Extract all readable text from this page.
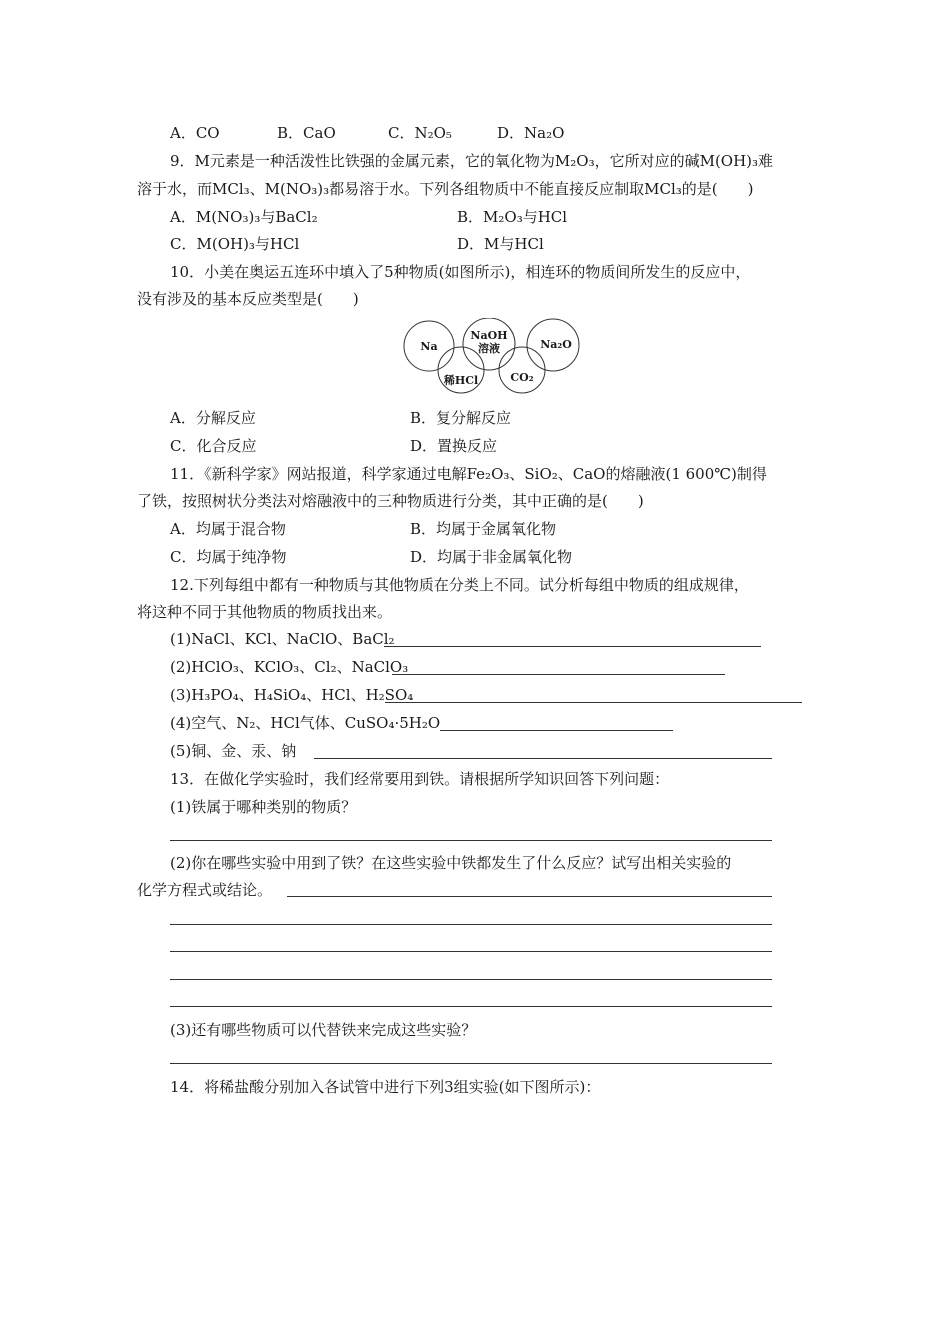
A．CO	B．CaO	C．N₂O₅	D．Na₂O
9．M元素是一种活泼性比铁强的金属元素，它的氧化物为M₂O₃，它所对应的碱M(OH)₃难
溶于水，而MCl₃、M(NO₃)₃都易溶于水。下列各组物质中不能直接反应制取MCl₃的是(　　)
A．M(NO₃)₃与BaCl₂	B．M₂O₃与HCl
C．M(OH)₃与HCl	D．M与HCl
10．小美在奥运五连环中填入了5种物质(如图所示)，相连环的物质间所发生的反应中，
没有涉及的基本反应类型是(　　)
Na
NaOH
溶液	Na₂O
稀HCl	CO₂
A．分解反应	B．复分解反应
C．化合反应	D．置换反应
11．《新科学家》网站报道，科学家通过电解Fe₂O₃、SiO₂、CaO的熔融液(1 600℃)制得
了铁，按照树状分类法对熔融液中的三种物质进行分类，其中正确的是(　　)
A．均属于混合物	B．均属于金属氧化物
C．均属于纯净物	D．均属于非金属氧化物
12.下列每组中都有一种物质与其他物质在分类上不同。试分析每组中物质的组成规律，
将这种不同于其他物质的物质找出来。
(1)NaCl、KCl、NaClO、BaCl₂
(2)HClO₃、KClO₃、Cl₂、NaClO₃
(3)H₃PO₄、H₄SiO₄、HCl、H₂SO₄
(4)空气、N₂、HCl气体、CuSO₄·5H₂O
(5)铜、金、汞、钠
13．在做化学实验时，我们经常要用到铁。请根据所学知识回答下列问题：
(1)铁属于哪种类别的物质？
(2)你在哪些实验中用到了铁？在这些实验中铁都发生了什么反应？试写出相关实验的
化学方程式或结论。
(3)还有哪些物质可以代替铁来完成这些实验？
14．将稀盐酸分别加入各试管中进行下列3组实验(如下图所示)：
